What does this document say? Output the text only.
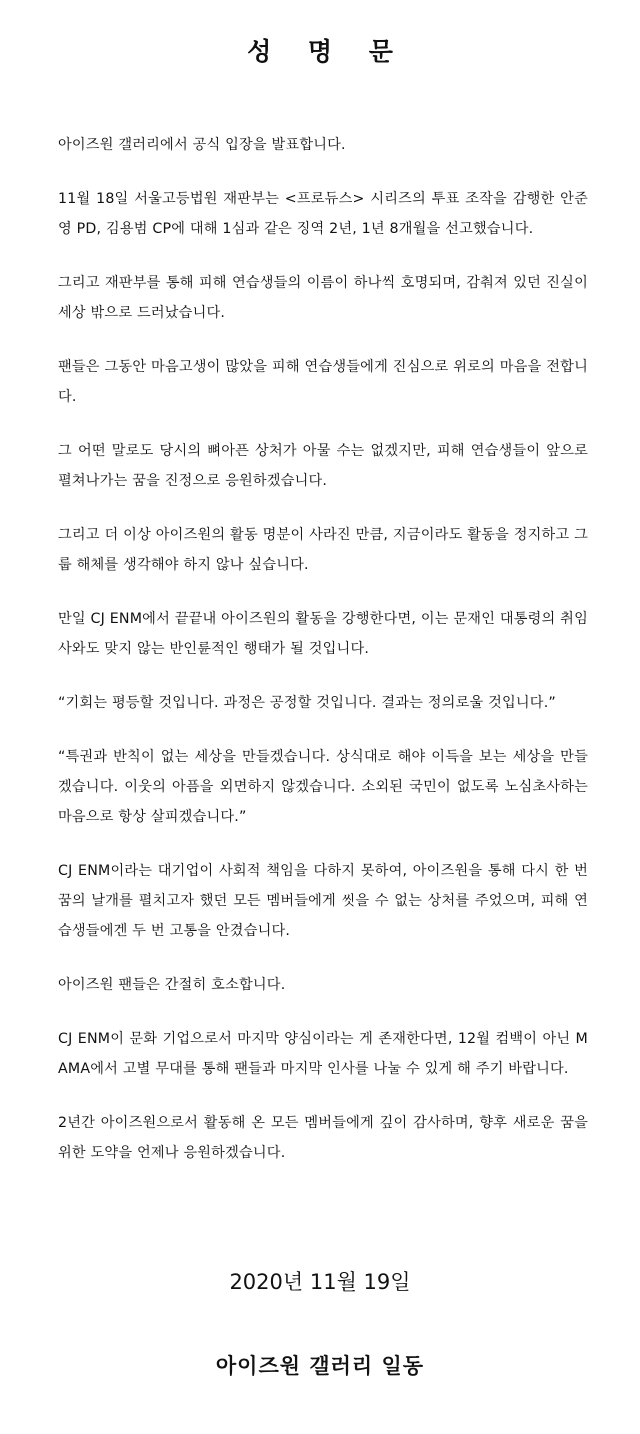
성 명 문

아이즈원 갤러리에서 공식 입장을 발표합니다.

11월 18일 서울고등법원 재판부는 <프로듀스> 시리즈의 투표 조작을 감행한 안준영 PD, 김용범 CP에 대해 1심과 같은 징역 2년, 1년 8개월을 선고했습니다.

그리고 재판부를 통해 피해 연습생들의 이름이 하나씩 호명되며, 감춰져 있던 진실이 세상 밖으로 드러났습니다.

팬들은 그동안 마음고생이 많았을 피해 연습생들에게 진심으로 위로의 마음을 전합니다.

그 어떤 말로도 당시의 뼈아픈 상처가 아물 수는 없겠지만, 피해 연습생들이 앞으로 펼쳐나가는 꿈을 진정으로 응원하겠습니다.

그리고 더 이상 아이즈원의 활동 명분이 사라진 만큼, 지금이라도 활동을 정지하고 그룹 해체를 생각해야 하지 않나 싶습니다.

만일 CJ ENM에서 끝끝내 아이즈원의 활동을 강행한다면, 이는 문재인 대통령의 취임사와도 맞지 않는 반인륜적인 행태가 될 것입니다.

“기회는 평등할 것입니다. 과정은 공정할 것입니다. 결과는 정의로울 것입니다.”

“특권과 반칙이 없는 세상을 만들겠습니다. 상식대로 해야 이득을 보는 세상을 만들겠습니다. 이웃의 아픔을 외면하지 않겠습니다. 소외된 국민이 없도록 노심초사하는 마음으로 항상 살피겠습니다.”

CJ ENM이라는 대기업이 사회적 책임을 다하지 못하여, 아이즈원을 통해 다시 한 번 꿈의 날개를 펼치고자 했던 모든 멤버들에게 씻을 수 없는 상처를 주었으며, 피해 연습생들에겐 두 번 고통을 안겼습니다.

아이즈원 팬들은 간절히 호소합니다.

CJ ENM이 문화 기업으로서 마지막 양심이라는 게 존재한다면, 12월 컴백이 아닌 MAMA에서 고별 무대를 통해 팬들과 마지막 인사를 나눌 수 있게 해 주기 바랍니다.

2년간 아이즈원으로서 활동해 온 모든 멤버들에게 깊이 감사하며, 향후 새로운 꿈을 위한 도약을 언제나 응원하겠습니다.

2020년 11월 19일
아이즈원 갤러리 일동
